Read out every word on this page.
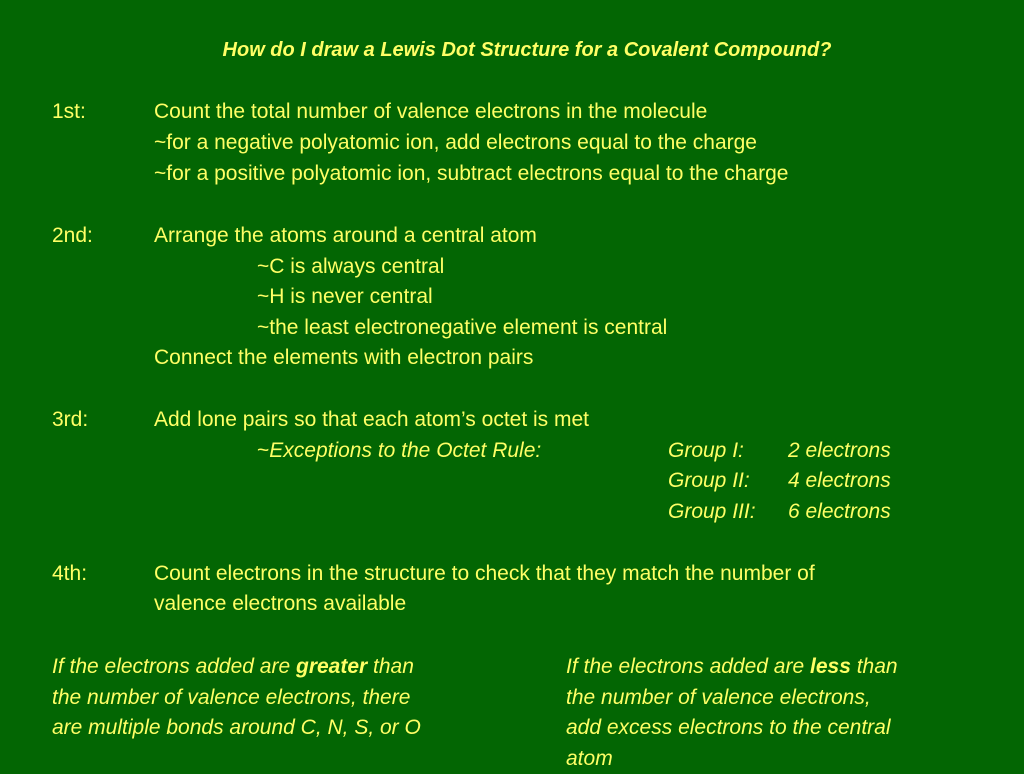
How do I draw a Lewis Dot Structure for a Covalent Compound?
1st:	Count the total number of valence electrons in the molecule
~for a negative polyatomic ion, add electrons equal to the charge
~for a positive polyatomic ion, subtract electrons equal to the charge
2nd:	Arrange the atoms around a central atom
~C is always central
~H is never central
~the least electronegative element is central
Connect the elements with electron pairs
3rd:	Add lone pairs so that each atom’s octet is met
~Exceptions to the Octet Rule:	Group I: 2 electrons
Group II: 4 electrons
Group III: 6 electrons
4th:	Count electrons in the structure to check that they match the number of
valence electrons available
If the electrons added are greater than
the number of valence electrons, there
are multiple bonds around C, N, S, or O
If the electrons added are less than
the number of valence electrons,
add excess electrons to the central
atom
